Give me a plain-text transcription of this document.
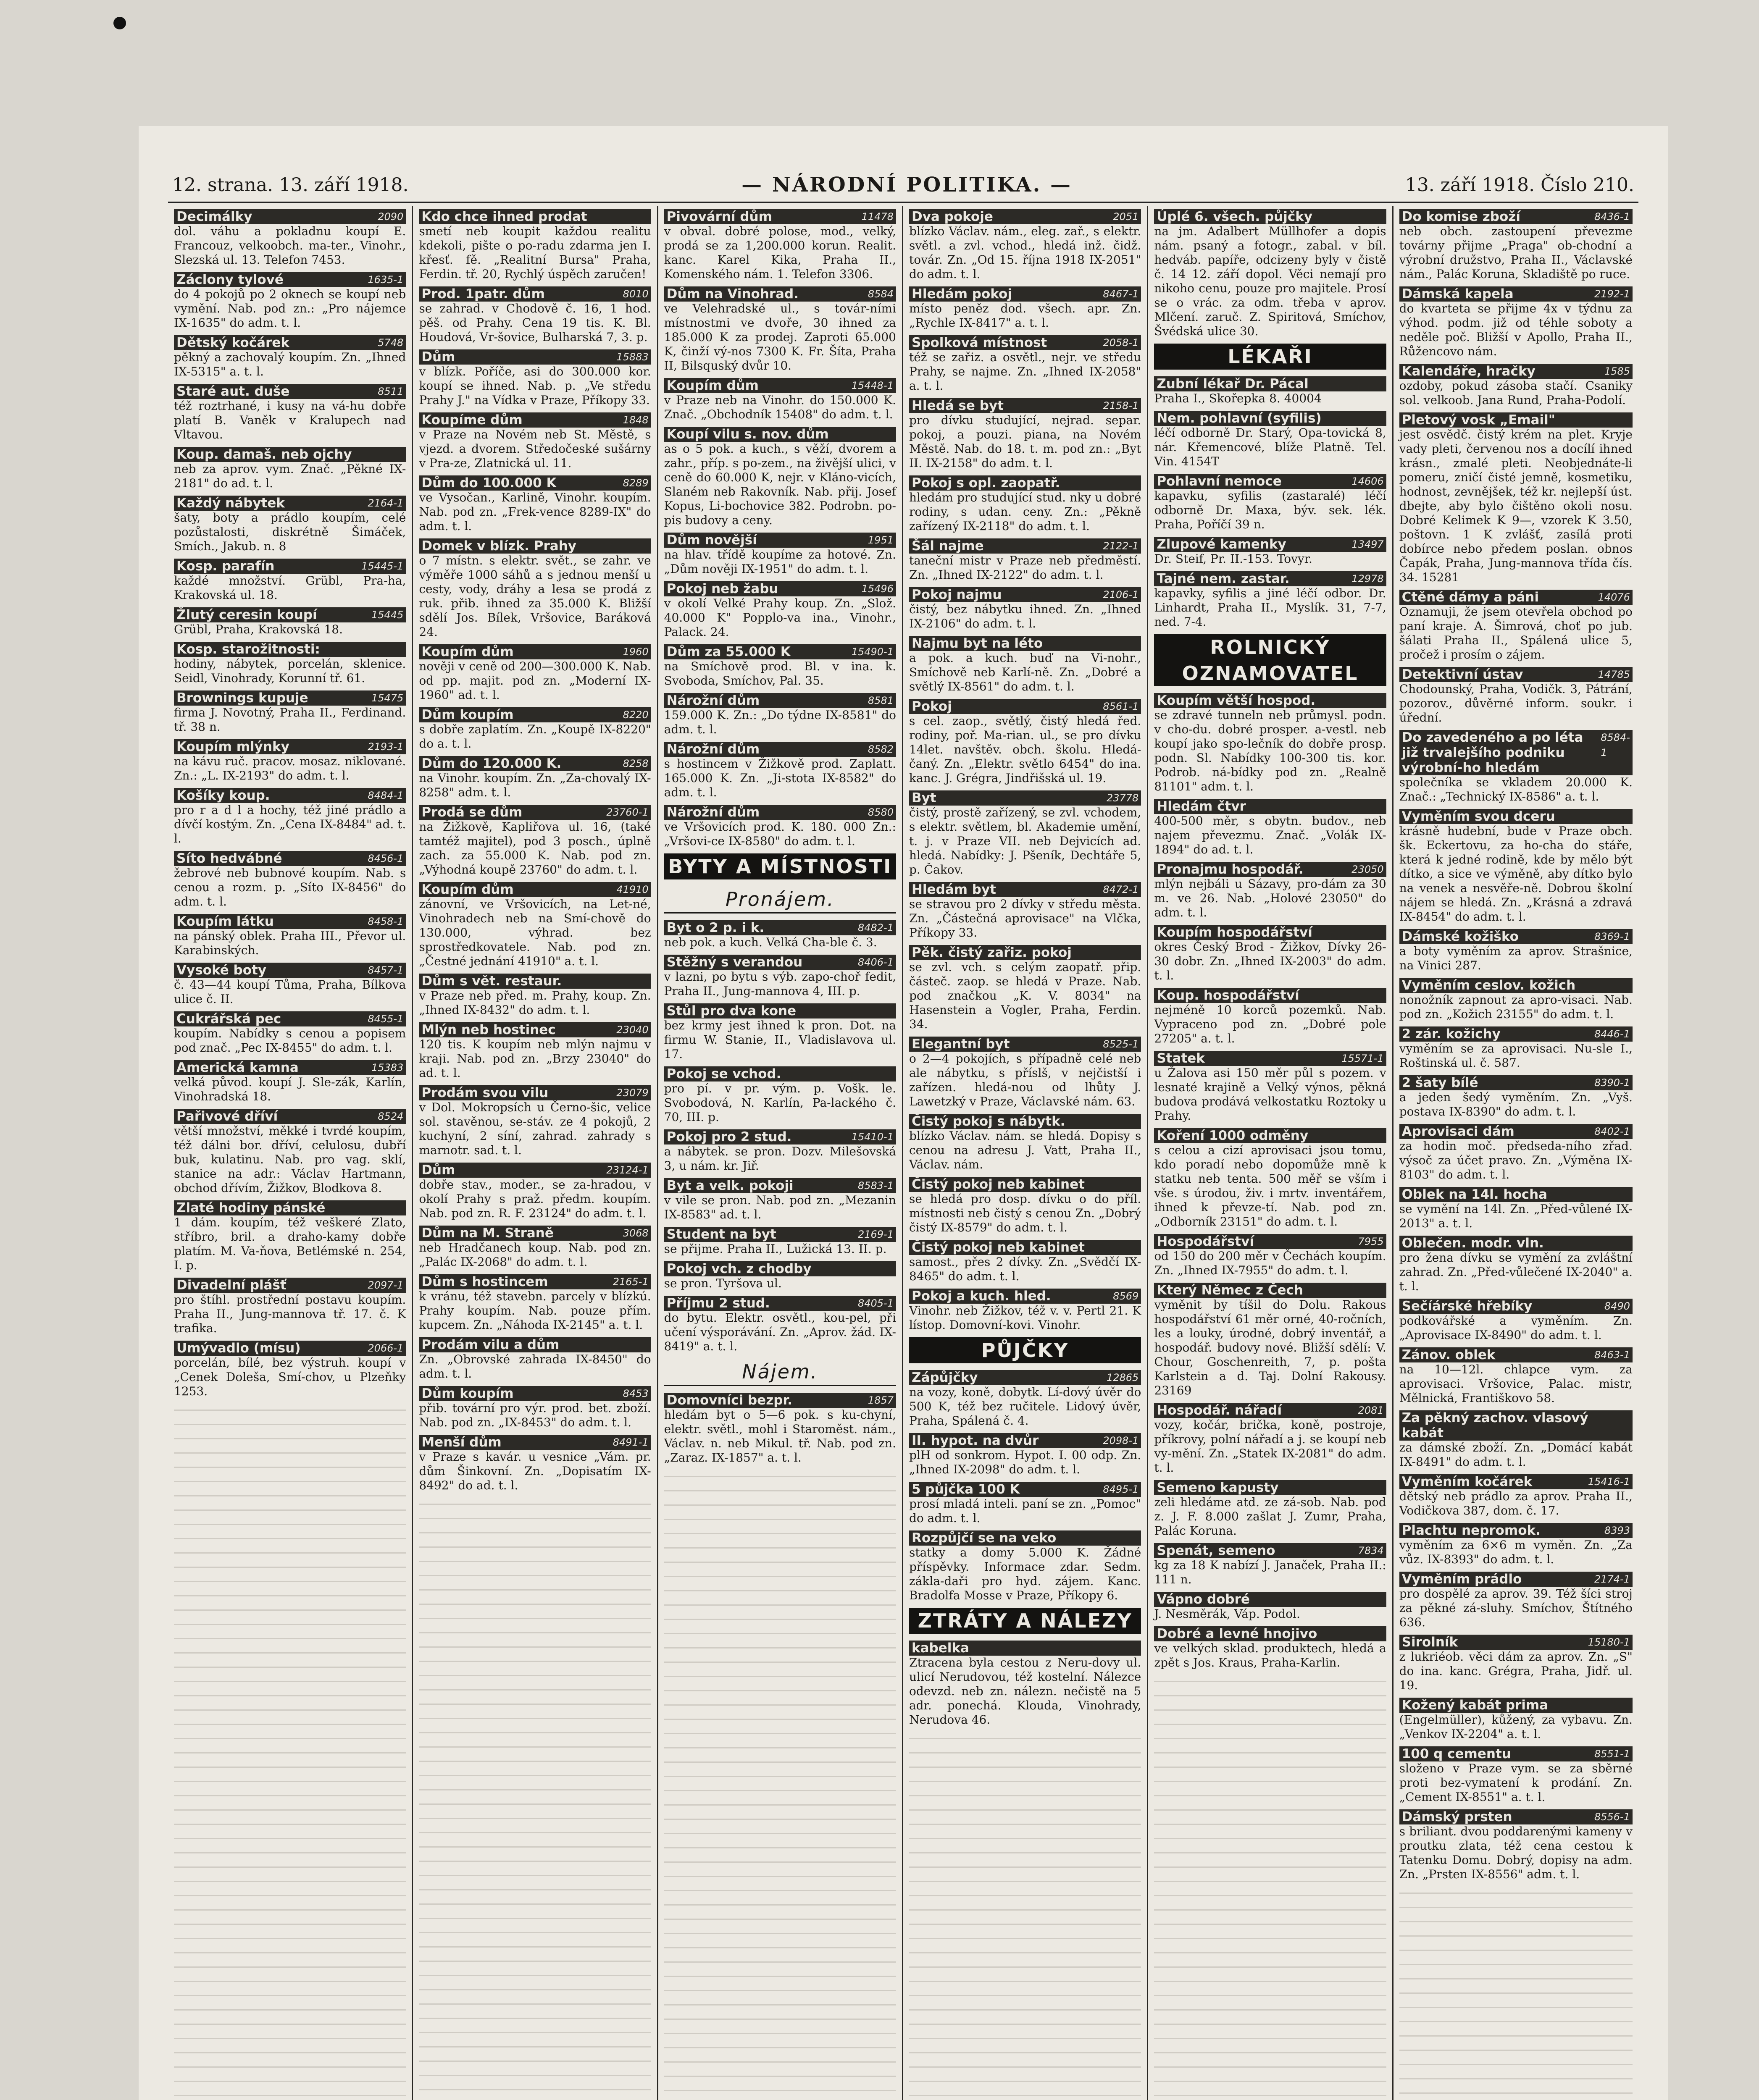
12. strana. 13. září 1918.	— NÁRODNÍ POLITIKA. —	13. září 1918. Číslo 210.
Decimálky	2090
dol. váhu a pokladnu koupí E. Francouz, velkoobch. ma-ter., Vinohr., Slezská ul. 13. Telefon 7453.
Záclony tylové	1635-1
do 4 pokojů po 2 oknech se koupí neb vymění. Nab. pod zn.: „Pro nájemce IX-1635" do adm. t. l.
Dětský kočárek	5748
pěkný a zachovalý koupím. Zn. „Ihned IX-5315" a. t. l.
Staré aut. duše	8511
též roztrhané, i kusy na vá-hu dobře platí B. Vaněk v Kralupech nad Vltavou.
Koup. damaš. neb ojchy
neb za aprov. vym. Znač. „Pěkné IX-2181" do ad. t. l.
Každý nábytek	2164-1
šaty, boty a prádlo koupím, celé pozůstalosti, diskrétně Šimáček, Smích., Jakub. n. 8
Kosp. parafín	15445-1
každé množství. Grübl, Pra-ha, Krakovská ul. 18.
Žlutý ceresin koupí	15445
Grübl, Praha, Krakovská 18.
Kosp. starožitnosti:
hodiny, nábytek, porcelán, sklenice. Seidl, Vinohrady, Korunní tř. 61.
Brownings kupuje	15475
firma J. Novotný, Praha II., Ferdinand. tř. 38 n.
Koupím mlýnky	2193-1
na kávu ruč. pracov. mosaz. niklované. Zn.: „L. IX-2193" do adm. t. l.
Košíky koup.	8484-1
pro r a d l a hochy, též jiné prádlo a dívčí kostým. Zn. „Cena IX-8484" ad. t. l.
Síto hedvábné	8456-1
žebrové neb bubnové koupím. Nab. s cenou a rozm. p. „Síto IX-8456" do adm. t. l.
Koupím látku	8458-1
na pánský oblek. Praha III., Převor ul. Karabinských.
Vysoké boty	8457-1
č. 43—44 koupí Tůma, Praha, Bílkova ulice č. II.
Cukrářská pec	8455-1
koupím. Nabídky s cenou a popisem pod znač. „Pec IX-8455" do adm. t. l.
Americká kamna	15383
velká původ. koupí J. Sle-zák, Karlín, Vinohradská 18.
Pařivové dříví	8524
větší množství, měkké i tvrdé koupím, též dálni bor. dříví, celulosu, dubří buk, kulatinu. Nab. pro vag. sklí, stanice na adr.: Václav Hartmann, obchod dřívím, Žižkov, Blodkova 8.
Zlaté hodiny pánské
1 dám. koupím, též veškeré Zlato, stříbro, bril. a draho-kamy dobře platím. M. Va-ňova, Betlémské n. 254, I. p.
Divadelní plášť	2097-1
pro štíhl. prostřední postavu koupím. Praha II., Jung-mannova tř. 17. č. K trafika.
Umývadlo (mísu)	2066-1
porcelán, bílé, bez výstruh. koupí v „Cenek Doleša, Smí-chov, u Plzeňky 1253.
Kdo chce ihned prodat
smetí neb koupit každou realitu kdekoli, pište o po-radu zdarma jen I. křesť. fě. „Realitní Bursa" Praha, Ferdin. tř. 20, Rychlý úspěch zaručen!
Prod. 1patr. dům	8010
se zahrad. v Chodově č. 16, 1 hod. pěš. od Prahy. Cena 19 tis. K. Bl. Houdová, Vr-šovice, Bulharská 7, 3. p.
Dům	15883
v blízk. Poříče, asi do 300.000 kor. koupí se ihned. Nab. p. „Ve středu Prahy J." na Vídka v Praze, Příkopy 33.
Koupíme dům	1848
v Praze na Novém neb St. Městě, s vjezd. a dvorem. Středočeské sušárny v Pra-ze, Zlatnická ul. 11.
Dům do 100.000 K	8289
ve Vysočan., Karlině, Vinohr. koupím. Nab. pod zn. „Frek-vence 8289-IX" do adm. t. l.
Domek v blízk. Prahy
o 7 místn. s elektr. svět., se zahr. ve výměře 1000 sáhů a s jednou menší u cesty, vody, dráhy a lesa se prodá z ruk. přib. ihned za 35.000 K. Bližší sdělí Jos. Bílek, Vršovice, Baráková 24.
Koupím dům	1960
nověji v ceně od 200—300.000 K. Nab. od pp. majit. pod zn. „Moderní IX-1960" ad. t. l.
Dům koupím	8220
s dobře zaplatím. Zn. „Koupě IX-8220" do a. t. l.
Dům do 120.000 K.	8258
na Vinohr. koupím. Zn. „Za-chovalý IX-8258" adm. t. l.
Prodá se dům	23760-1
na Žižkově, Kapliřova ul. 16, (také tamtéž majitel), pod 3 posch., úplně zach. za 55.000 K. Nab. pod zn. „Výhodná koupě 23760" do adm. t. l.
Koupím dům	41910
zánovní, ve Vršovicích, na Let-né, Vinohradech neb na Smí-chově do 130.000, výhrad. bez sprostředkovatele. Nab. pod zn. „Čestné jednání 41910" a. t. l.
Dům s vět. restaur.
v Praze neb před. m. Prahy, koup. Zn. „Ihned IX-8432" do adm. t. l.
Mlýn neb hostinec	23040
120 tis. K koupím neb mlýn najmu v kraji. Nab. pod zn. „Brzy 23040" do ad. t. l.
Prodám svou vilu	23079
v Dol. Mokropsích u Černo-šic, velice sol. stavěnou, se-stáv. ze 4 pokojů, 2 kuchyní, 2 síní, zahrad. zahrady s marnotr. sad. t. l.
Dům	23124-1
dobře stav., moder., se za-hradou, v okolí Prahy s praž. předm. koupím. Nab. pod zn. R. F. 23124" do adm. t. l.
Dům na M. Straně	3068
neb Hradčanech koup. Nab. pod zn. „Palác IX-2068" do adm. t. l.
Dům s hostincem	2165-1
k vránu, též stavebn. parcely v blízkú. Prahy koupím. Nab. pouze přím. kupcem. Zn. „Náhoda IX-2145" a. t. l.
Prodám vilu a dům
Zn. „Obrovské zahrada IX-8450" do adm. t. l.
Dům koupím	8453
přib. tovární pro výr. prod. bet. zboží. Nab. pod zn. „IX-8453" do adm. t. l.
Menší dům	8491-1
v Praze s kavár. u vesnice „Vám. pr. dům Šinkovní. Zn. „Dopisatím IX-8492" do ad. t. l.
Pivovární dům	11478
v obval. dobré polose, mod., velký, prodá se za 1,200.000 korun. Realit. kanc. Karel Kika, Praha II., Komenského nám. 1. Telefon 3306.
Dům na Vinohrad.	8584
ve Velehradské ul., s továr-ními místnostmi ve dvoře, 30 ihned za 185.000 K za prodej. Zaproti 65.000 K, činží vý-nos 7300 K. Fr. Šíta, Praha II, Bilsquský dvůr 10.
Koupím dům	15448-1
v Praze neb na Vinohr. do 150.000 K. Znač. „Obchodník 15408" do adm. t. l.
Koupí vilu s. nov. dům
as o 5 pok. a kuch., s věží, dvorem a zahr., příp. s po-zem., na živější ulici, v ceně do 60.000 K, nejr. v Kláno-vicích, Slaném neb Rakovník. Nab. přij. Josef Kopus, Li-bochovice 382. Podrobn. po-pis budovy a ceny.
Dům novější	1951
na hlav. třídě koupíme za hotové. Zn. „Dům nověji IX-1951" do adm. t. l.
Pokoj neb žabu	15496
v okolí Velké Prahy koup. Zn. „Slož. 40.000 K" Popplo-va ina., Vinohr., Palack. 24.
Dům za 55.000 K	15490-1
na Smíchově prod. Bl. v ina. k. Svoboda, Smíchov, Pal. 35.
Nárožní dům	8581
159.000 K. Zn.: „Do týdne IX-8581" do adm. t. l.
Nárožní dům	8582
s hostincem v Žižkově prod. Zaplatt. 165.000 K. Zn. „Ji-stota IX-8582" do adm. t. l.
Nárožní dům	8580
ve Vršovicích prod. K. 180. 000 Zn.: „Vršovi-ce IX-8580" do adm. t. l.
BYTY A MÍSTNOSTI
Pronájem.
Byt o 2 p. i k.	8482-1
neb pok. a kuch. Velká Cha-ble č. 3.
Stěžný s verandou	8406-1
v lazni, po bytu s výb. zapo-choř fedit, Praha II., Jung-mannova 4, III. p.
Stůl pro dva kone
bez krmy jest ihned k pron. Dot. na firmu W. Stanie, II., Vladislavova ul. 17.
Pokoj se vchod.
pro pí. v pr. vým. p. Vošk. le. Svobodová, N. Karlín, Pa-lackého č. 70, III. p.
Pokoj pro 2 stud.	15410-1
a nábytek. se pron. Dozv. Milešovská 3, u nám. kr. Jiř.
Byt a velk. pokoji	8583-1
v vile se pron. Nab. pod zn. „Mezanin IX-8583" ad. t. l.
Student na byt	2169-1
se přijme. Praha II., Lužická 13. II. p.
Pokoj vch. z chodby
se pron. Tyršova ul.
Příjmu 2 stud.	8405-1
do bytu. Elektr. osvětl., kou-pel, při učení výsporávání. Zn. „Aprov. žád. IX-8419" a. t. l.
Nájem.
Domovníci bezpr.	1857
hledám byt o 5—6 pok. s ku-chyní, elektr. světl., mohl i Staroměst. nám., Václav. n. neb Mikul. tř. Nab. pod zn. „Zaraz. IX-1857" a. t. l.
Dva pokoje	2051
blízko Václav. nám., eleg. zař., s elektr. světl. a zvl. vchod., hledá inž. čidž. továr. Zn. „Od 15. října 1918 IX-2051" do adm. t. l.
Hledám pokoj	8467-1
místo peněz dod. všech. apr. Zn. „Rychle IX-8417" a. t. l.
Spolková místnost	2058-1
též se zařiz. a osvětl., nejr. ve středu Prahy, se najme. Zn. „Ihned IX-2058" a. t. l.
Hledá se byt	2158-1
pro dívku studující, nejrad. separ. pokoj, a pouzi. piana, na Novém Městě. Nab. do 18. t. m. pod zn.: „Byt II. IX-2158" do adm. t. l.
Pokoj s opl. zaopatř.
hledám pro studující stud. nky u dobré rodiny, s udan. ceny. Zn.: „Pěkně zařízený IX-2118" do adm. t. l.
Šál najme	2122-1
taneční mistr v Praze neb předměstí. Zn. „Ihned IX-2122" do adm. t. l.
Pokoj najmu	2106-1
čistý, bez nábytku ihned. Zn. „Ihned IX-2106" do adm. t. l.
Najmu byt na léto
a pok. a kuch. buď na Vi-nohr., Smíchově neb Karlí-ně. Zn. „Dobré a světlý IX-8561" do adm. t. l.
Pokoj	8561-1
s cel. zaop., světlý, čistý hledá řed. rodiny, poř. Ma-rian. ul., se pro dívku 14let. navštěv. obch. školu. Hledá-čaný. Zn. „Elektr. světlo 6454" do ina. kanc. J. Grégra, Jindřišská ul. 19.
Byt	23778
čistý, prostě zařízený, se zvl. vchodem, s elektr. světlem, bl. Akademie umění, t. j. v Praze VII. neb Dejvicích ad. hledá. Nabídky: J. Pšeník, Dechtáře 5, p. Čakov.
Hledám byt	8472-1
se stravou pro 2 dívky v středu města. Zn. „Částečná aprovisace" na Vlčka, Příkopy 33.
Pěk. čistý zařiz. pokoj
se zvl. vch. s celým zaopatř. přip. částeč. zaop. se hledá v Praze. Nab. pod značkou „K. V. 8034" na Hasenstein a Vogler, Praha, Ferdin. 34.
Elegantní byt	8525-1
o 2—4 pokojích, s případně celé neb ale nábytku, s příslš, v nejčistší i zařízen. hledá-nou od lhůty J. Lawetzký v Praze, Václavské nám. 63.
Čistý pokoj s nábytk.
blízko Václav. nám. se hledá. Dopisy s cenou na adresu J. Vatt, Praha II., Václav. nám.
Čistý pokoj neb kabinet
se hledá pro dosp. dívku o do příl. místnosti neb čistý s cenou Zn. „Dobrý čistý IX-8579" do adm. t. l.
Čistý pokoj neb kabinet
samost., přes 2 dívky. Zn. „Svědčí IX-8465" do adm. t. l.
Pokoj a kuch. hled.	8569
Vinohr. neb Žižkov, též v. v. Pertl 21. K lístop. Domovní-kovi. Vinohr.
PŮJČKY
Zápůjčky	12865
na vozy, koně, dobytk. Lí-dový úvěr do 500 K, též bez ručitele. Lidový úvěr, Praha, Spálená č. 4.
II. hypot. na dvůr	2098-1
plH od sonkrom. Hypot. I. 00 odp. Zn. „Ihned IX-2098" do adm. t. l.
5 půjčka 100 K	8495-1
prosí mladá inteli. paní se zn. „Pomoc" do adm. t. l.
Rozpůjčí se na veko
statky a domy 5.000 K. Žádné příspěvky. Informace zdar. Sedm. zákla-daři pro hyd. zájem. Kanc. Bradolfa Mosse v Praze, Příkopy 6.
ZTRÁTY A NÁLEZY
kabelka
Ztracena byla cestou z Neru-dovy ul. ulicí Nerudovou, též kostelní. Nálezce odevzd. neb zn. nálezn. nečistě na 5 adr. ponechá. Klouda, Vinohrady, Nerudova 46.
Úplé 6. všech. půjčky
na jm. Adalbert Müllhofer a dopis nám. psaný a fotogr., zabal. v bíl. hedváb. papíře, odcizeny byly v čistě č. 14 12. září dopol. Věci nemají pro nikoho cenu, pouze pro majitele. Prosí se o vrác. za odm. třeba v aprov. Mlčení. zaruč. Z. Spiritová, Smíchov, Švédská ulice 30.
LÉKAŘI
Zubní lékař Dr. Pácal
Praha I., Skořepka 8. 40004
Nem. pohlavní (syfilis)
léčí odborně Dr. Starý, Opa-tovická 8, nár. Křemencové, blíže Platně. Tel. Vin. 4154T
Pohlavní nemoce	14606
kapavku, syfilis (zastaralé) léčí odborně Dr. Maxa, býv. sek. lék. Praha, Poříčí 39 n.
Zlupové kamenky	13497
Dr. Steif, Pr. II.-153. Tovyr.
Tajné nem. zastar.	12978
kapavky, syfilis a jiné léčí odbor. Dr. Linhardt, Praha II., Myslík. 31, 7-7, ned. 7-4.
ROLNICKÝ OZNAMOVATEL
Koupím větší hospod.
se zdravé tunneln neb průmysl. podn. v cho-du. dobré prosper. a-vestl. neb koupí jako spo-lečník do dobře prosp. podn. Sl. Nabídky 100-300 tis. kor. Podrob. ná-bídky pod zn. „Realně 81101" adm. t. l.
Hledám čtvr
400-500 měr, s obytn. budov., neb najem převezmu. Znač. „Volák IX-1894" do ad. t. l.
Pronajmu hospodář.	23050
mlýn nejbáli u Sázavy, pro-dám za 30 m. ve 26. Nab. „Holové 23050" do adm. t. l.
Koupím hospodářství
okres Český Brod - Žižkov, Dívky 26-30 dobr. Zn. „Ihned IX-2003" do adm. t. l.
Koup. hospodářství
nejméně 10 korců pozemků. Nab. Vypraceno pod zn. „Dobré pole 27205" a. t. l.
Statek	15571-1
u Žalova asi 150 měr půl s pozem. v lesnaté krajině a Velký výnos, pěkná budova prodává velkostatku Roztoky u Prahy.
Koření 1000 odměny
s celou a cizí aprovisaci jsou tomu, kdo poradí nebo dopomůže mně k statku neb tenta. 500 měř se vším i vše. s úrodou, živ. i mrtv. inventářem, ihned k převze-tí. Nab. pod zn. „Odborník 23151" do adm. t. l.
Hospodářství	7955
od 150 do 200 měr v Čechách koupím. Zn. „Ihned IX-7955" do adm. t. l.
Který Němec z Čech
vyměnit by tíšil do Dolu. Rakous hospodářství 61 měr orné, 40-ročních, les a louky, úrodné, dobrý inventář, a hospodář. budovy nové. Bližší sdělí: V. Chour, Goschenreith, 7, p. pošta Karlstein a d. Taj. Dolní Rakousy. 23169
Hospodář. nářadí	2081
vozy, kočár, brička, koně, postroje, příkrovy, polní nářadí a j. se koupí neb vy-mění. Zn. „Statek IX-2081" do adm. t. l.
Semeno kapusty
zeli hledáme atd. ze zá-sob. Nab. pod z. J. F. 8.000 zašlat J. Zumr, Praha, Palác Koruna.
Spenát, semeno	7834
kg za 18 K nabízí J. Janaček, Praha II.: 111 n.
Vápno dobré
J. Nesměrák, Váp. Podol.
Dobré a levné hnojivo
ve velkých sklad. produktech, hledá a zpět s Jos. Kraus, Praha-Karlin.
Do komise zboží	8436-1
neb obch. zastoupení převezme továrny přijme „Praga" ob-chodní a výrobní družstvo, Praha II., Václavské nám., Palác Koruna, Skladiště po ruce.
Dámská kapela	2192-1
do kvarteta se přijme 4x v týdnu za výhod. podm. již od téhle soboty a neděle poč. Bližší v Apollo, Praha II., Růžencovo nám.
Kalendáře, hračky	1585
ozdoby, pokud zásoba stačí. Csaniky sol. velkoob. Jana Rund, Praha-Podolí.
Pletový vosk „Email"
jest osvědč. čistý krém na plet. Kryje vady pleti, červenou nos a docílí ihned krásn., zmalé pleti. Neobjednáte-li pomeru, zničí čisté jemně, kosmetiku, hodnost, zevnějšek, též kr. nejlepší úst. dbejte, aby bylo čištěno okoli nosu. Dobré Kelimek K 9—, vzorek K 3.50, poštovn. 1 K zvlášť, zasílá proti dobírce nebo předem poslan. obnos Čapák, Praha, Jung-mannova třída čís. 34. 15281
Ctěné dámy a páni	14076
Oznamuji, že jsem otevřela obchod po paní kraje. A. Šimrová, choť po jub. šálati Praha II., Spálená ulice 5, pročež i prosím o zájem.
Detektivní ústav	14785
Chodounský, Praha, Vodičk. 3, Pátrání, pozorov., důvěrné inform. soukr. i úřední.
Do zavedeného a po léta již trvalejšího podniku výrobní-ho hledám
8584-1
společníka se vkladem 20.000 K. Znač.: „Technický IX-8586" a. t. l.
Vyměním svou dceru
krásně hudební, bude v Praze obch. šk. Eckertovu, za ho-cha do stáře, která k jedné rodině, kde by mělo být dítko, a sice ve výměně, aby dítko bylo na venek a nesvěře-ně. Dobrou školní nájem se hledá. Zn. „Krásná a zdravá IX-8454" do adm. t. l.
Dámské kožiško	8369-1
a boty vyměním za aprov. Strašnice, na Vinici 287.
Vyměním ceslov. kožich
nonožník zapnout za apro-visaci. Nab. pod zn. „Kožich 23155" do adm. t. l.
2 zár. kožichy	8446-1
vyměním se za aprovisaci. Nu-sle I., Roštinská ul. č. 587.
2 šaty bílé	8390-1
a jeden šedý vyměním. Zn. „Vyš. postava IX-8390" do adm. t. l.
Aprovisaci dám	8402-1
za hodin moč. předseda-ního zřad. výsoč za účet pravo. Zn. „Výměna IX-8103" do adm. t. l.
Oblek na 14l. hocha
se vymění na 14l. Zn. „Před-vůlené IX-2013" a. t. l.
Oblečen. modr. vln.
pro žena dívku se vymění za zvláštní zahrad. Zn. „Před-vůlečené IX-2040" a. t. l.
Sečíárské hřebíky	8490
podkovářské a vyměním. Zn. „Aprovisace IX-8490" do adm. t. l.
Zánov. oblek	8463-1
na 10—12l. chlapce vym. za aprovisaci. Vršovice, Palac. mistr, Mělnická, Františkovo 58.
Za pěkný zachov. vlasový kabát
za dámské zboží. Zn. „Domácí kabát IX-8491" do adm. t. l.
Vyměním kočárek	15416-1
dětský neb prádlo za aprov. Praha II., Vodičkova 387, dom. č. 17.
Plachtu nepromok.	8393
vyměním za 6×6 m vyměn. Zn. „Za vůz. IX-8393" do adm. t. l.
Vyměním prádlo	2174-1
pro dospělé za aprov. 39. Též šíci stroj za pěkné zá-sluhy. Smíchov, Štítného 636.
Sirolník	15180-1
z lukriéob. věci dám za aprov. Zn. „S" do ina. kanc. Grégra, Praha, Jidř. ul. 19.
Kožený kabát prima
(Engelmüller), kůžený, za vybavu. Zn. „Venkov IX-2204" a. t. l.
100 q cementu	8551-1
složeno v Praze vym. se za sběrné proti bez-vymatení k prodání. Zn. „Cement IX-8551" a. t. l.
Dámský prsten	8556-1
s briliant. dvou poddarenými kameny v proutku zlata, též cena cestou k Tatenku Domu. Dobrý, dopisy na adm. Zn. „Prsten IX-8556" adm. t. l.
